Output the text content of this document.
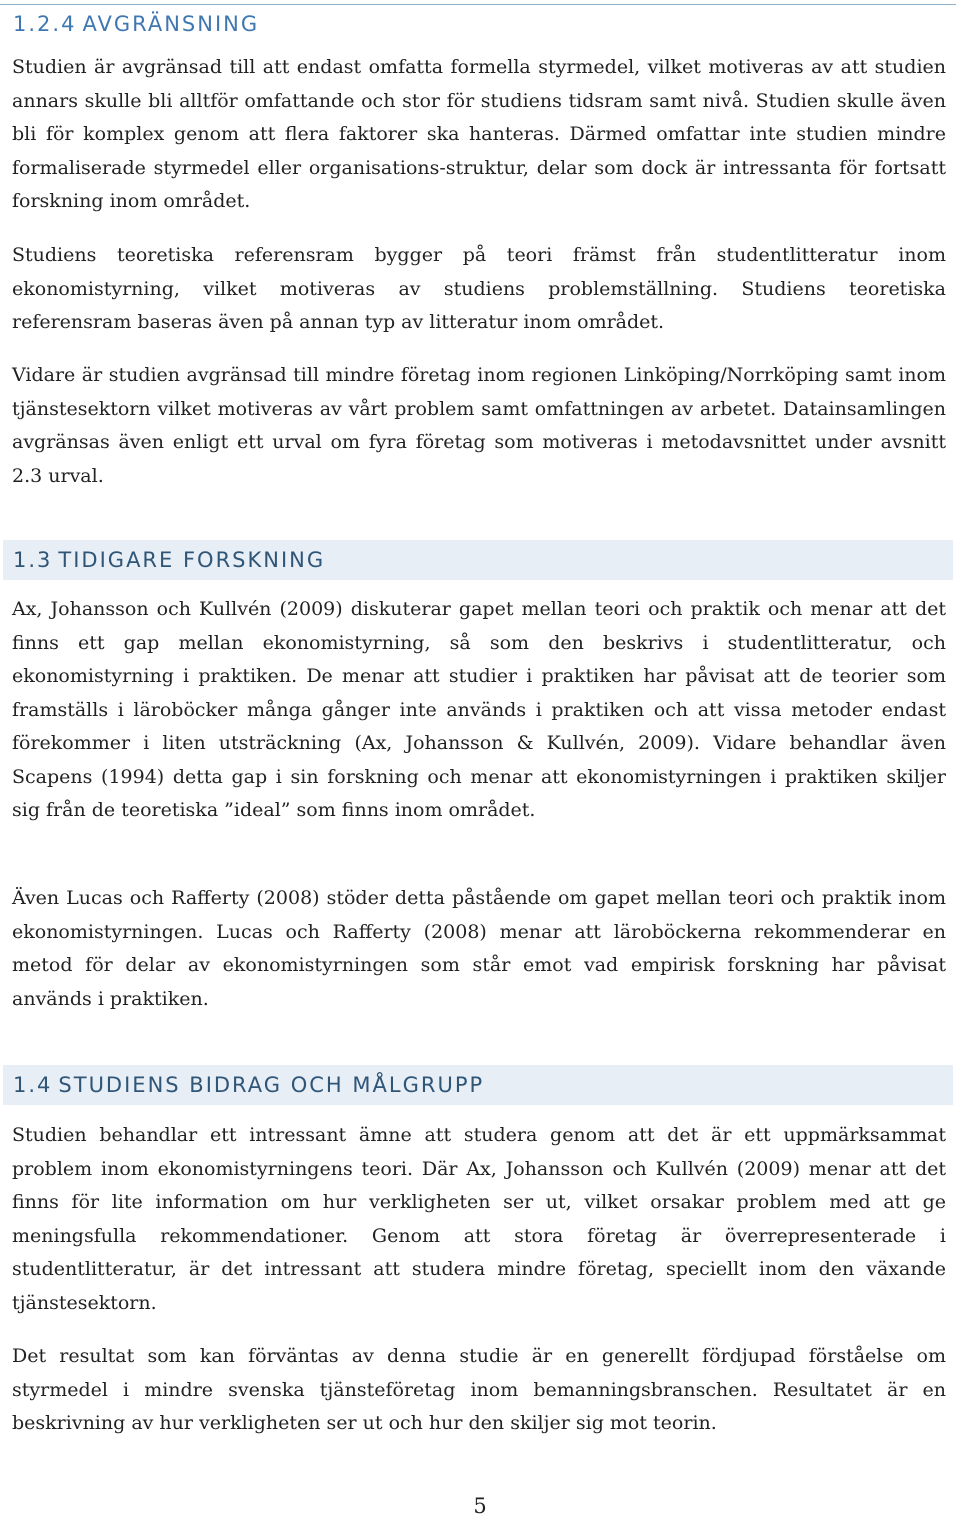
1.2.4 AVGRÄNSNING

Studien är avgränsad till att endast omfatta formella styrmedel, vilket motiveras av att studien annars skulle bli alltför omfattande och stor för studiens tidsram samt nivå. Studien skulle även bli för komplex genom att flera faktorer ska hanteras. Därmed omfattar inte studien mindre formaliserade styrmedel eller organisations-struktur, delar som dock är intressanta för fortsatt forskning inom området.

Studiens teoretiska referensram bygger på teori främst från studentlitteratur inom ekonomistyrning, vilket motiveras av studiens problemställning. Studiens teoretiska referensram baseras även på annan typ av litteratur inom området.

Vidare är studien avgränsad till mindre företag inom regionen Linköping/Norrköping samt inom tjänstesektorn vilket motiveras av vårt problem samt omfattningen av arbetet. Datainsamlingen avgränsas även enligt ett urval om fyra företag som motiveras i metodavsnittet under avsnitt 2.3 urval.

1.3 TIDIGARE FORSKNING

Ax, Johansson och Kullvén (2009) diskuterar gapet mellan teori och praktik och menar att det finns ett gap mellan ekonomistyrning, så som den beskrivs i studentlitteratur, och ekonomistyrning i praktiken. De menar att studier i praktiken har påvisat att de teorier som framställs i läroböcker många gånger inte används i praktiken och att vissa metoder endast förekommer i liten utsträckning (Ax, Johansson & Kullvén, 2009). Vidare behandlar även Scapens (1994) detta gap i sin forskning och menar att ekonomistyrningen i praktiken skiljer sig från de teoretiska ”ideal” som finns inom området.

Även Lucas och Rafferty (2008) stöder detta påstående om gapet mellan teori och praktik inom ekonomistyrningen. Lucas och Rafferty (2008) menar att läroböckerna rekommenderar en metod för delar av ekonomistyrningen som står emot vad empirisk forskning har påvisat används i praktiken.

1.4 STUDIENS BIDRAG OCH MÅLGRUPP

Studien behandlar ett intressant ämne att studera genom att det är ett uppmärksammat problem inom ekonomistyrningens teori. Där Ax, Johansson och Kullvén (2009) menar att det finns för lite information om hur verkligheten ser ut, vilket orsakar problem med att ge meningsfulla rekommendationer. Genom att stora företag är överrepresenterade i studentlitteratur, är det intressant att studera mindre företag, speciellt inom den växande tjänstesektorn.

Det resultat som kan förväntas av denna studie är en generellt fördjupad förståelse om styrmedel i mindre svenska tjänsteföretag inom bemanningsbranschen. Resultatet är en beskrivning av hur verkligheten ser ut och hur den skiljer sig mot teorin.

5
